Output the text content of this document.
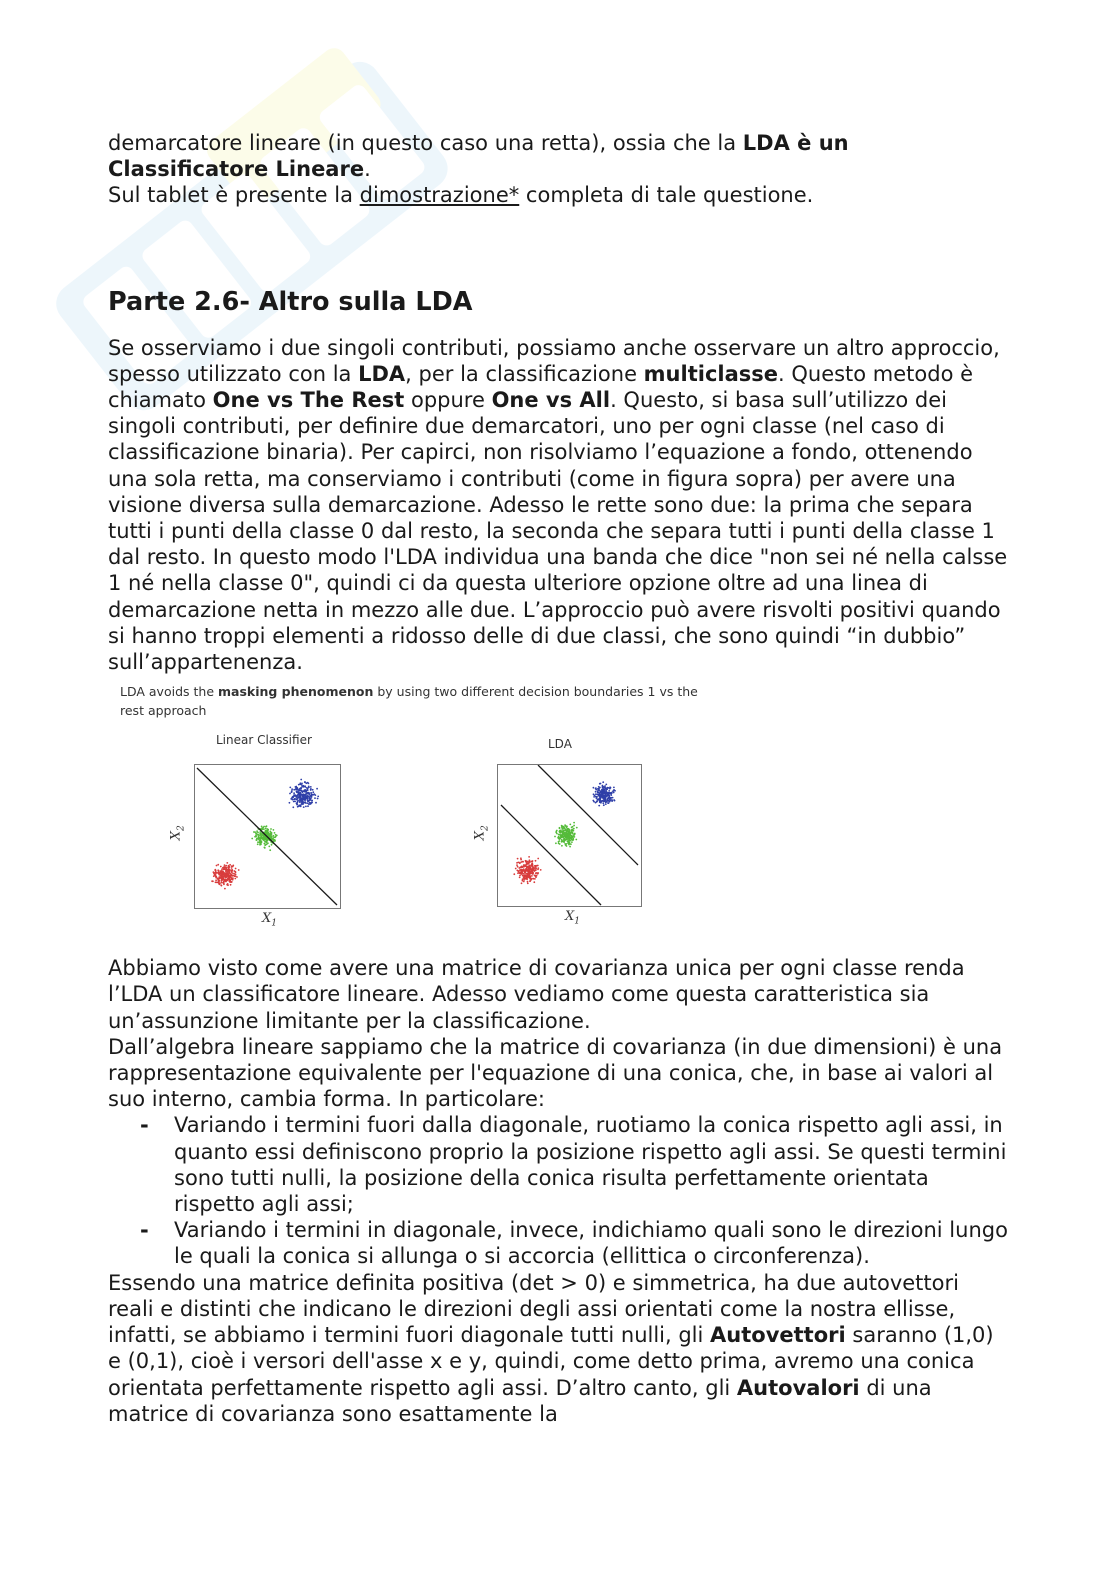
demarcatore lineare (in questo caso una retta), ossia che la LDA è un Classificatore Lineare.

Sul tablet è presente la dimostrazione* completa di tale questione.

Parte 2.6- Altro sulla LDA

Se osserviamo i due singoli contributi, possiamo anche osservare un altro approccio, spesso utilizzato con la LDA, per la classificazione multiclasse. Questo metodo è chiamato One vs The Rest oppure One vs All. Questo, si basa sull’utilizzo dei singoli contributi, per definire due demarcatori, uno per ogni classe (nel caso di classificazione binaria). Per capirci, non risolviamo l’equazione a fondo, ottenendo una sola retta, ma conserviamo i contributi (come in figura sopra) per avere una visione diversa sulla demarcazione. Adesso le rette sono due: la prima che separa tutti i punti della classe 0 dal resto, la seconda che separa tutti i punti della classe 1 dal resto. In questo modo l'LDA individua una banda che dice "non sei né nella calsse 1 né nella classe 0", quindi ci da questa ulteriore opzione oltre ad una linea di demarcazione netta in mezzo alle due. L’approccio può avere risvolti positivi quando si hanno troppi elementi a ridosso delle di due classi, che sono quindi “in dubbio” sull’appartenenza.

LDA avoids the masking phenomenon by using two different decision boundaries 1 vs the rest approach
Linear Classifier	LDA
$X_1$	$X_1$
$X_2$
$X_2$

Abbiamo visto come avere una matrice di covarianza unica per ogni classe renda l’LDA un classificatore lineare. Adesso vediamo come questa caratteristica sia un’assunzione limitante per la classificazione.

Dall’algebra lineare sappiamo che la matrice di covarianza (in due dimensioni) è una rappresentazione equivalente per l'equazione di una conica, che, in base ai valori al suo interno, cambia forma. In particolare:

- Variando i termini fuori dalla diagonale, ruotiamo la conica rispetto agli assi, in quanto essi definiscono proprio la posizione rispetto agli assi. Se questi termini sono tutti nulli, la posizione della conica risulta perfettamente orientata rispetto agli assi;
- Variando i termini in diagonale, invece, indichiamo quali sono le direzioni lungo le quali la conica si allunga o si accorcia (ellittica o circonferenza).

Essendo una matrice definita positiva (det > 0) e simmetrica, ha due autovettori reali e distinti che indicano le direzioni degli assi orientati come la nostra ellisse, infatti, se abbiamo i termini fuori diagonale tutti nulli, gli Autovettori saranno (1,0) e (0,1), cioè i versori dell'asse x e y, quindi, come detto prima, avremo una conica orientata perfettamente rispetto agli assi. D’altro canto, gli Autovalori di una matrice di covarianza sono esattamente la
